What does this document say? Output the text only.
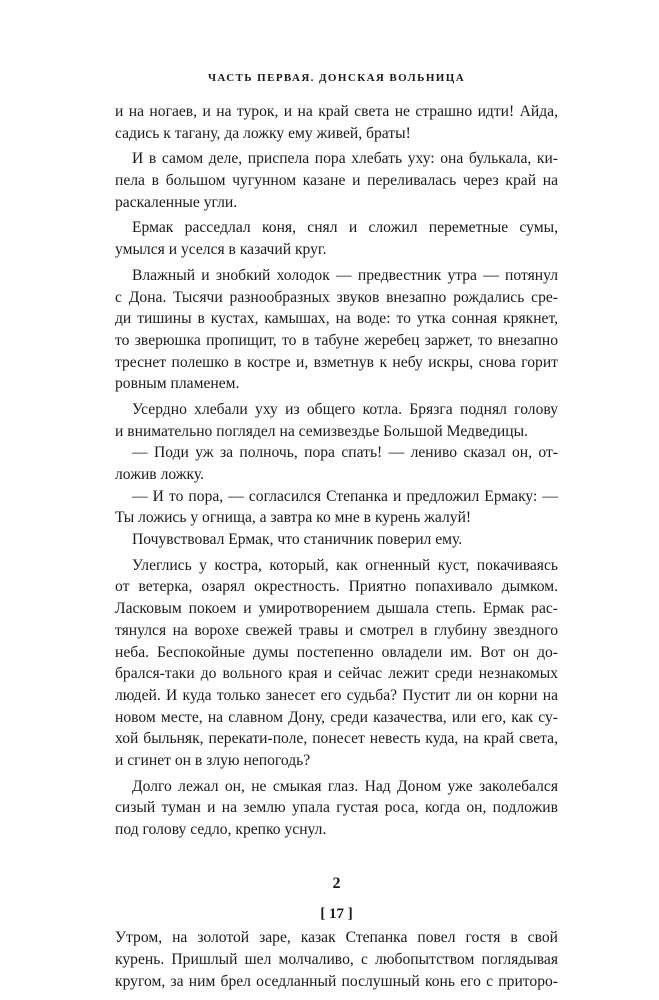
ЧАСТЬ ПЕРВАЯ. ДОНСКАЯ ВОЛЬНИЦА
и на ногаев, и на турок, и на край света не страшно идти! Айда,
садись к тагану, да ложку ему живей, браты!
И в самом деле, приспела пора хлебать уху: она булькала, ки-
пела в большом чугунном казане и переливалась через край на
раскаленные угли.
Ермак расседлал коня, снял и сложил переметные сумы,
умылся и уселся в казачий круг.
Влажный и знобкий холодок — предвестник утра — потянул
с Дона. Тысячи разнообразных звуков внезапно рождались сре-
ди тишины в кустах, камышах, на воде: то утка сонная крякнет,
то зверюшка пропищит, то в табуне жеребец заржет, то внезапно
треснет полешко в костре и, взметнув к небу искры, снова горит
ровным пламенем.
Усердно хлебали уху из общего котла. Брязга поднял голову
и внимательно поглядел на семизвездье Большой Медведицы.
— Поди уж за полночь, пора спать! — лениво сказал он, от-
ложив ложку.
— И то пора, — согласился Степанка и предложил Ермаку: —
Ты ложись у огнища, а завтра ко мне в курень жалуй!
Почувствовал Ермак, что станичник поверил ему.
Улеглись у костра, который, как огненный куст, покачиваясь
от ветерка, озарял окрестность. Приятно попахивало дымком.
Ласковым покоем и умиротворением дышала степь. Ермак рас-
тянулся на ворохе свежей травы и смотрел в глубину звездного
неба. Беспокойные думы постепенно овладели им. Вот он до-
брался-таки до вольного края и сейчас лежит среди незнакомых
людей. И куда только занесет его судьба? Пустит ли он корни на
новом месте, на славном Дону, среди казачества, или его, как су-
хой быльняк, перекати-поле, понесет невесть куда, на край света,
и сгинет он в злую непогодь?
Долго лежал он, не смыкая глаз. Над Доном уже заколебался
сизый туман и на землю упала густая роса, когда он, подложив
под голову седло, крепко уснул.
2
Утром, на золотой заре, казак Степанка повел гостя в свой
курень. Пришлый шел молчаливо, с любопытством поглядывая
кругом, за ним брел оседланный послушный конь его с приторо-
[ 17 ]
